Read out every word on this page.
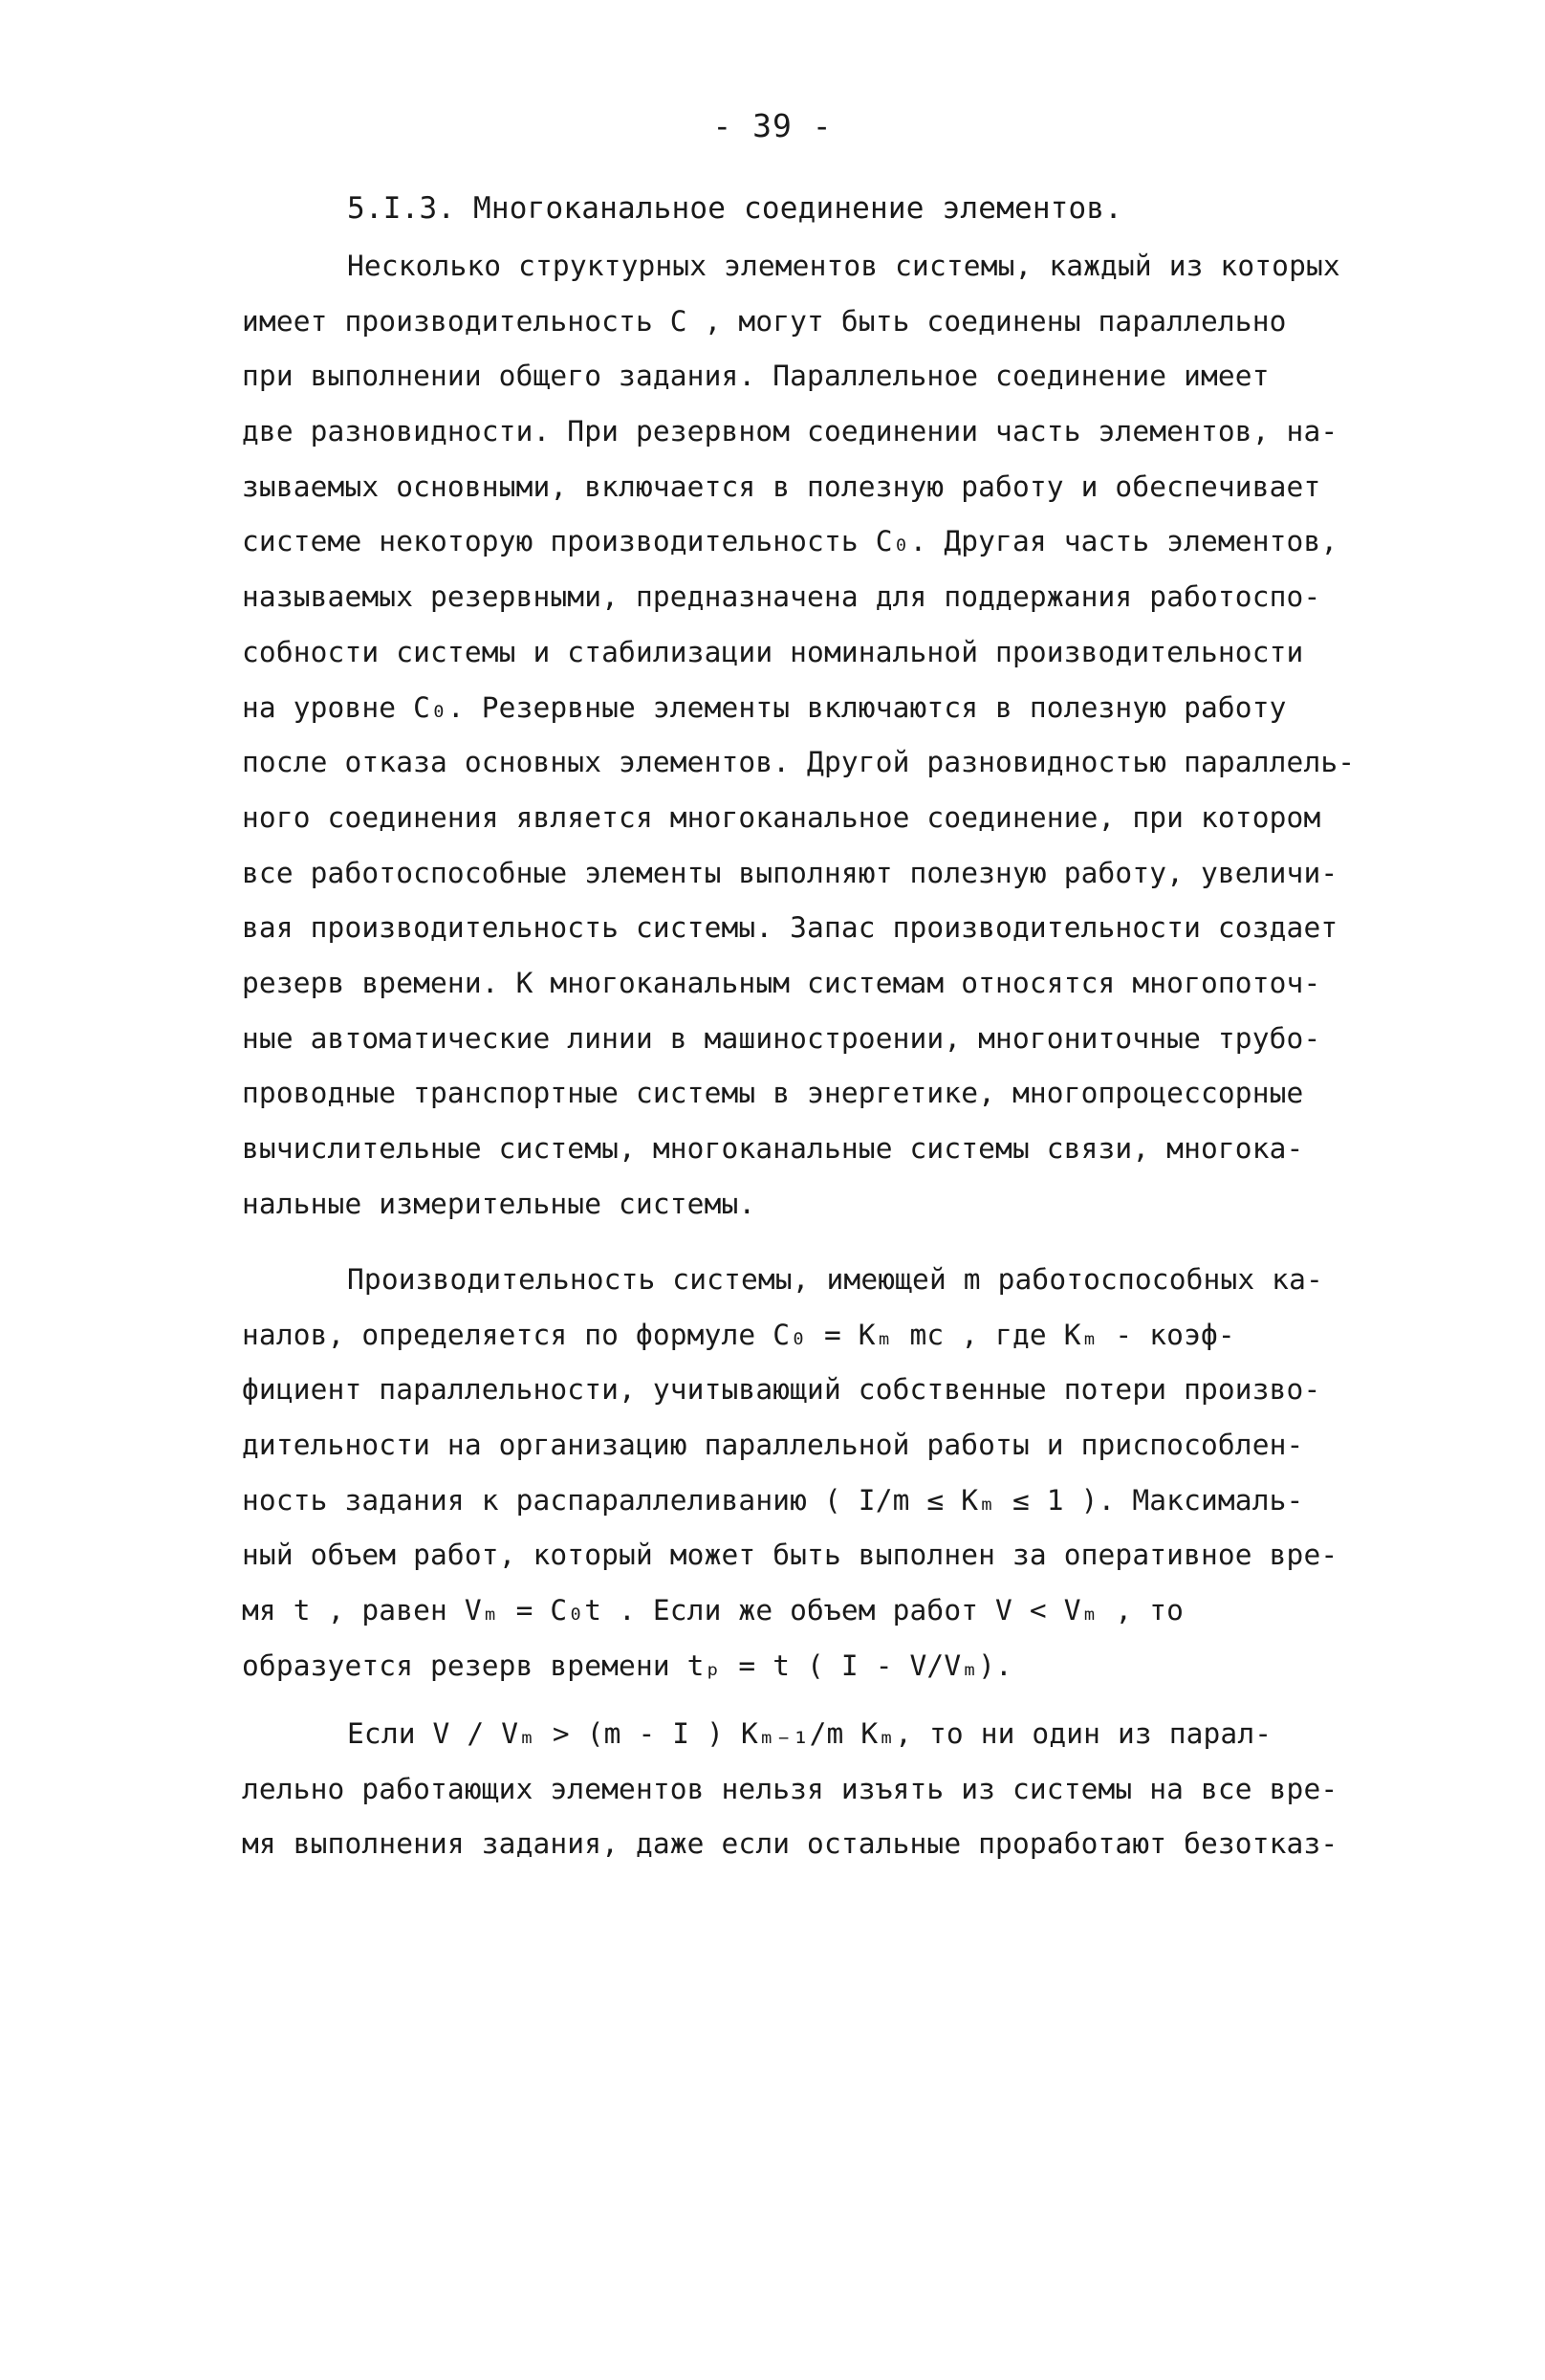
- 39 -
5.I.3. Многоканальное соединение элементов.
Несколько структурных элементов системы, каждый из которых
имеет производительность C , могут быть соединены параллельно
при выполнении общего задания. Параллельное соединение имеет
две разновидности. При резервном соединении часть элементов, на-
зываемых основными, включается в полезную работу и обеспечивает
системе некоторую производительность C₀. Другая часть элементов,
называемых резервными, предназначена для поддержания работоспо-
собности системы и стабилизации номинальной производительности
на уровне C₀. Резервные элементы включаются в полезную работу
после отказа основных элементов. Другой разновидностью параллель-
ного соединения является многоканальное соединение, при котором
все работоспособные элементы выполняют полезную работу, увеличи-
вая производительность системы. Запас производительности создает
резерв времени. К многоканальным системам относятся многопоточ-
ные автоматические линии в машиностроении, многониточные трубо-
проводные транспортные системы в энергетике, многопроцессорные
вычислительные системы, многоканальные системы связи, многока-
нальные измерительные системы.
Производительность системы, имеющей m работоспособных ка-
налов, определяется по формуле C₀ = Kₘ mc , где Kₘ - коэф-
фициент параллельности, учитывающий собственные потери произво-
дительности на организацию параллельной работы и приспособлен-
ность задания к распараллеливанию ( I/m ≤ Kₘ ≤ 1 ). Максималь-
ный объем работ, который может быть выполнен за оперативное вре-
мя t , равен Vₘ = C₀t . Если же объем работ V < Vₘ , то
образуется резерв времени tₚ = t ( I - V/Vₘ).
Если V / Vₘ > (m - I ) Kₘ₋₁/m Kₘ, то ни один из парал-
лельно работающих элементов нельзя изъять из системы на все вре-
мя выполнения задания, даже если остальные проработают безотказ-
